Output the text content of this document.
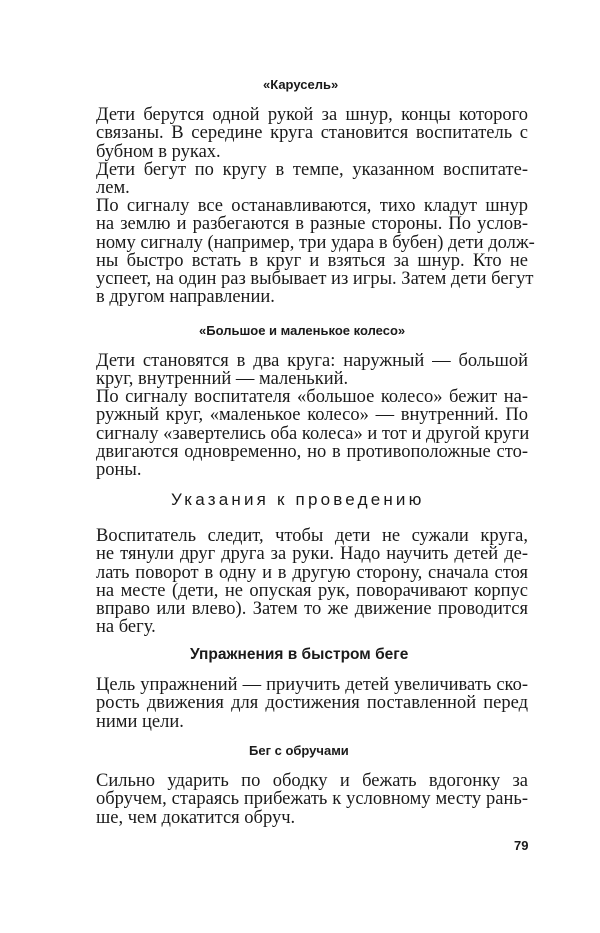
«Карусель»
Дети берутся одной рукой за шнур, концы которого
связаны. В середине круга становится воспитатель с
бубном в руках.
Дети бегут по кругу в темпе, указанном воспитате-
лем.
По сигналу все останавливаются, тихо кладут шнур
на землю и разбегаются в разные стороны. По услов-
ному сигналу (например, три удара в бубен) дети долж-
ны быстро встать в круг и взяться за шнур. Кто не
успеет, на один раз выбывает из игры. Затем дети бегут
в другом направлении.
«Большое и маленькое колесо»
Дети становятся в два круга: наружный — большой
круг, внутренний — маленький.
По сигналу воспитателя «большое колесо» бежит на-
ружный круг, «маленькое колесо» — внутренний. По
сигналу «завертелись оба колеса» и тот и другой круги
двигаются одновременно, но в противоположные сто-
роны.
Указания к проведению
Воспитатель следит, чтобы дети не сужали круга,
не тянули друг друга за руки. Надо научить детей де-
лать поворот в одну и в другую сторону, сначала стоя
на месте (дети, не опуская рук, поворачивают корпус
вправо или влево). Затем то же движение проводится
на бегу.
Упражнения в быстром беге
Цель упражнений — приучить детей увеличивать ско-
рость движения для достижения поставленной перед
ними цели.
Бег с обручами
Сильно ударить по ободку и бежать вдогонку за
обручем, стараясь прибежать к условному месту рань-
ше, чем докатится обруч.
79
